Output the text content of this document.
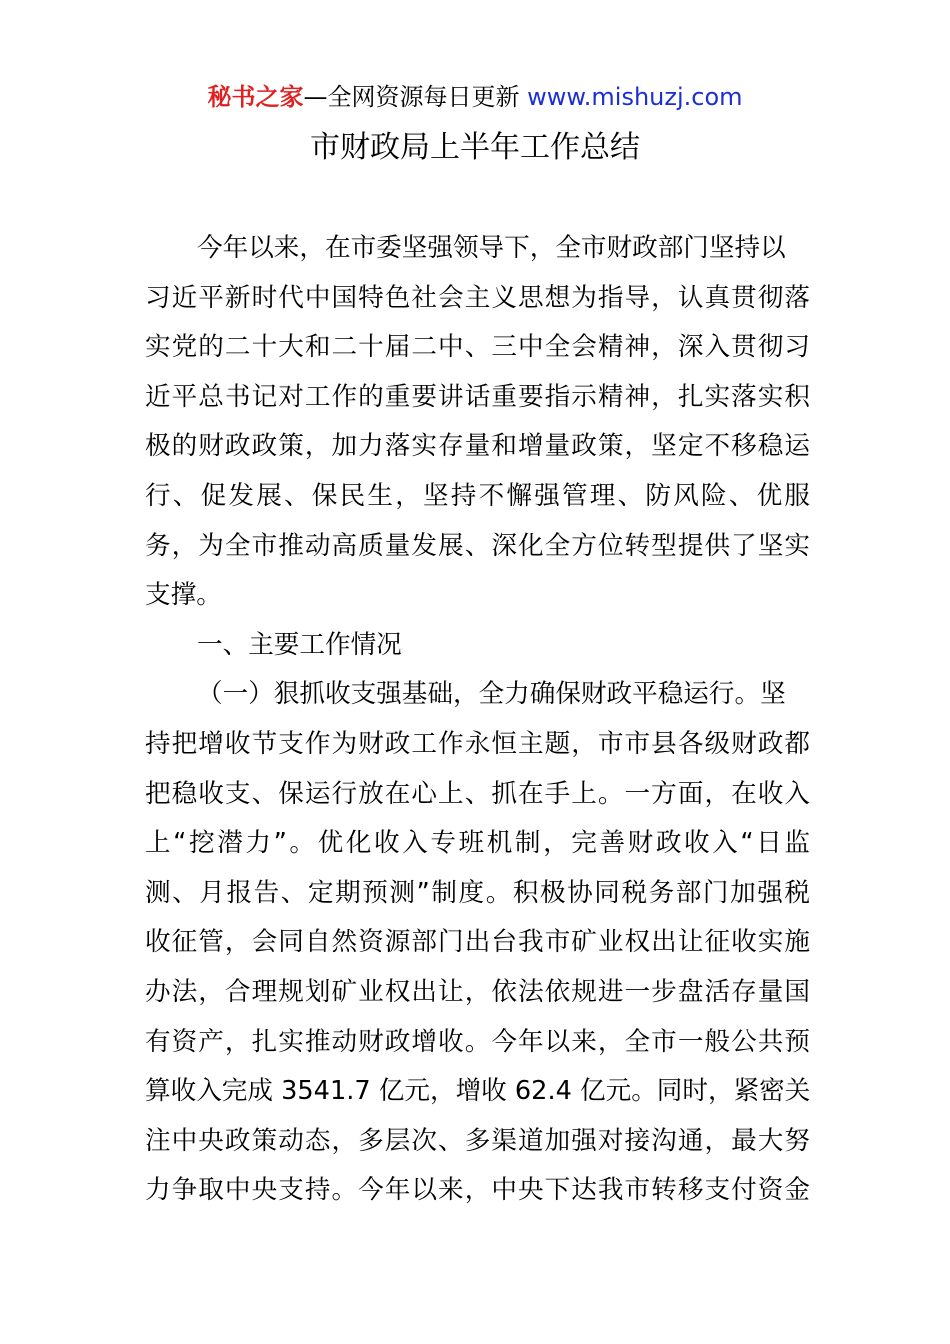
秘书之家—全网资源每日更新 www.mishuzj.com
市财政局上半年工作总结
今年以来，在市委坚强领导下，全市财政部门坚持以
习近平新时代中国特色社会主义思想为指导，认真贯彻落
实党的二十大和二十届二中、三中全会精神，深入贯彻习
近平总书记对工作的重要讲话重要指示精神，扎实落实积
极的财政政策，加力落实存量和增量政策，坚定不移稳运
行、促发展、保民生，坚持不懈强管理、防风险、优服
务，为全市推动高质量发展、深化全方位转型提供了坚实
支撑。
一、主要工作情况
（一）狠抓收支强基础，全力确保财政平稳运行。坚
持把增收节支作为财政工作永恒主题，市市县各级财政都
把稳收支、保运行放在心上、抓在手上。一方面，在收入
上“挖潜力”。优化收入专班机制，完善财政收入“日监
测、月报告、定期预测”制度。积极协同税务部门加强税
收征管，会同自然资源部门出台我市矿业权出让征收实施
办法，合理规划矿业权出让，依法依规进一步盘活存量国
有资产，扎实推动财政增收。今年以来，全市一般公共预
算收入完成 3541.7 亿元，增收 62.4 亿元。同时，紧密关
注中央政策动态，多层次、多渠道加强对接沟通，最大努
力争取中央支持。今年以来，中央下达我市转移支付资金
